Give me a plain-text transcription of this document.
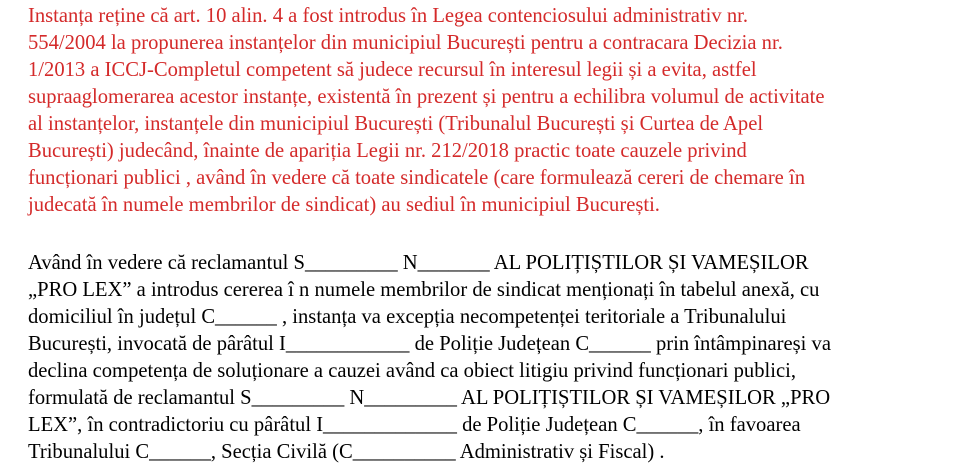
Instanța reține că art. 10 alin. 4 a fost introdus în Legea contenciosului administrativ nr.
554/2004 la propunerea instanțelor din municipiul București pentru a contracara Decizia nr.
1/2013 a ICCJ-Completul competent să judece recursul în interesul legii și a evita, astfel
supraaglomerarea acestor instanțe, existentă în prezent și pentru a echilibra volumul de activitate
al instanțelor, instanțele din municipiul București (Tribunalul București și Curtea de Apel
București) judecând, înainte de apariția Legii nr. 212/2018 practic toate cauzele privind
funcționari publici , având în vedere că toate sindicatele (care formulează cereri de chemare în
judecată în numele membrilor de sindicat) au sediul în municipiul București.
Având în vedere că reclamantul S_________ N_______ AL POLIȚIȘTILOR ȘI VAMEȘILOR
„PRO LEX” a introdus cererea î n numele membrilor de sindicat menționați în tabelul anexă, cu
domiciliul în județul C______ , instanța va excepția necompetenței teritoriale a Tribunalului
București, invocată de pârâtul I____________ de Poliție Județean C______ prin întâmpinareși va
declina competența de soluționare a cauzei având ca obiect litigiu privind funcționari publici,
formulată de reclamantul S_________ N_________ AL POLIȚIȘTILOR ȘI VAMEȘILOR „PRO
LEX”, în contradictoriu cu pârâtul I_____________ de Poliție Județean C______, în favoarea
Tribunalului C______, Secția Civilă (C__________ Administrativ și Fiscal) .
